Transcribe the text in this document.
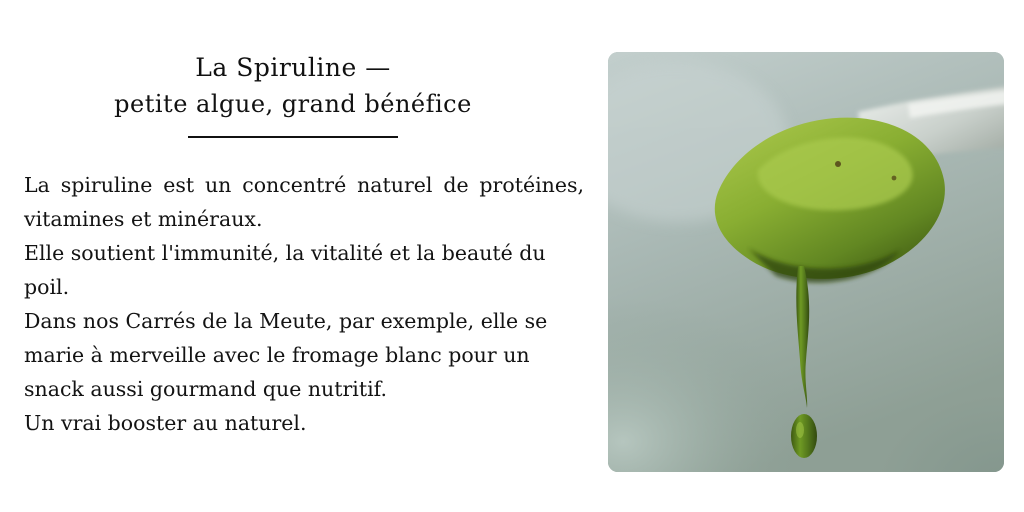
La Spiruline —
petite algue, grand bénéfice

La spiruline est un concentré naturel de protéines, vitamines et minéraux.

Elle soutient l'immunité, la vitalité et la beauté du poil.

Dans nos Carrés de la Meute, par exemple, elle se marie à merveille avec le fromage blanc pour un snack aussi gourmand que nutritif.

Un vrai booster au naturel.
